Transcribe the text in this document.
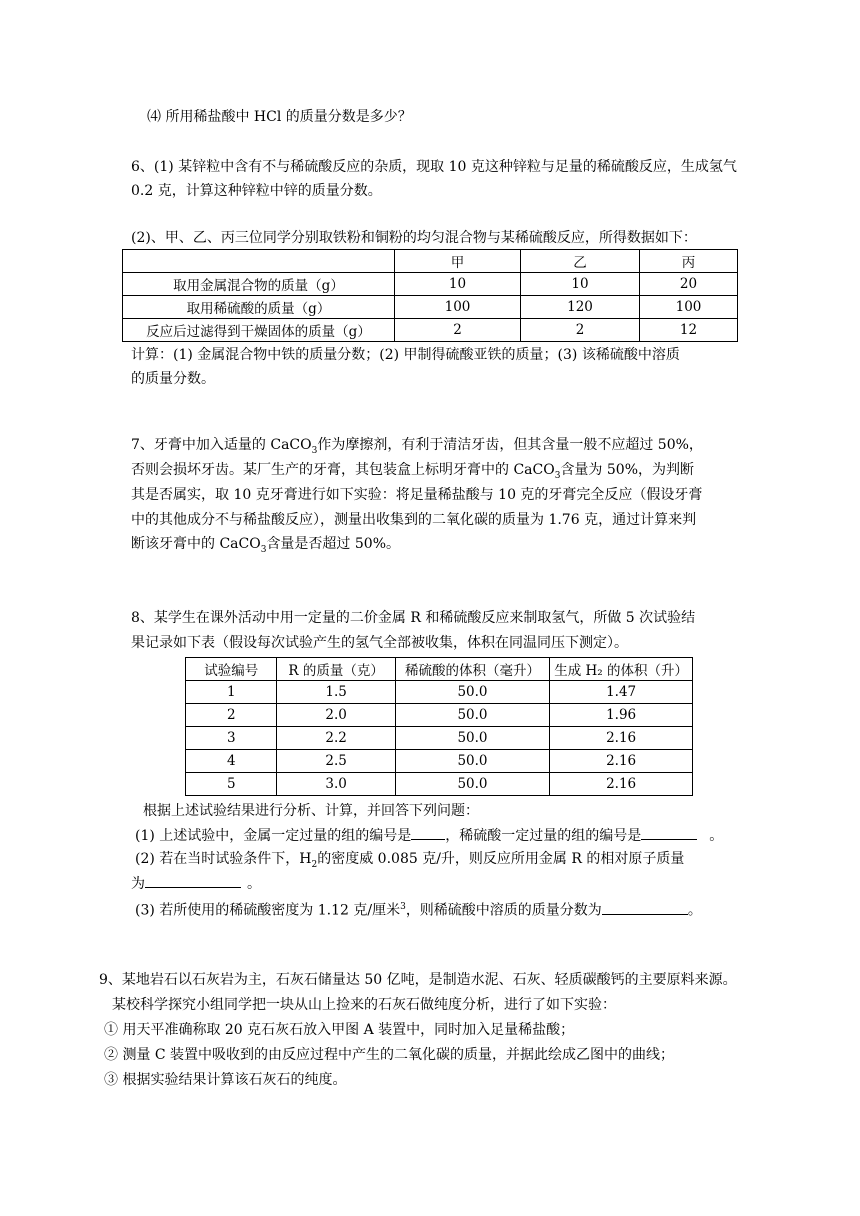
⑷ 所用稀盐酸中 HCl 的质量分数是多少？
6、(1) 某锌粒中含有不与稀硫酸反应的杂质，现取 10 克这种锌粒与足量的稀硫酸反应，生成氢气
0.2 克，计算这种锌粒中锌的质量分数。
(2)、甲、乙、丙三位同学分别取铁粉和铜粉的均匀混合物与某稀硫酸反应，所得数据如下：
	甲	乙	丙
取用金属混合物的质量（g）	10	10	20
取用稀硫酸的质量（g）	100	120	100
反应后过滤得到干燥固体的质量（g）	2	2	12
计算：(1) 金属混合物中铁的质量分数；(2) 甲制得硫酸亚铁的质量；(3) 该稀硫酸中溶质
的质量分数。
7、牙膏中加入适量的 CaCO$_3$作为摩擦剂，有利于清洁牙齿，但其含量一般不应超过 50%，
否则会损坏牙齿。某厂生产的牙膏，其包装盒上标明牙膏中的 CaCO$_3$含量为 50%，为判断
其是否属实，取 10 克牙膏进行如下实验：将足量稀盐酸与 10 克的牙膏完全反应（假设牙膏
中的其他成分不与稀盐酸反应），测量出收集到的二氧化碳的质量为 1.76 克，通过计算来判
断该牙膏中的 CaCO$_3$含量是否超过 50%。
8、某学生在课外活动中用一定量的二价金属 R 和稀硫酸反应来制取氢气，所做 5 次试验结
果记录如下表（假设每次试验产生的氢气全部被收集，体积在同温同压下测定）。
试验编号	R 的质量（克）	稀硫酸的体积（毫升）	生成 H₂ 的体积（升）
1	1.5	50.0	1.47
2	2.0	50.0	1.96
3	2.2	50.0	2.16
4	2.5	50.0	2.16
5	3.0	50.0	2.16
根据上述试验结果进行分析、计算，并回答下列问题：
(1) 上述试验中，金属一定过量的组的编号是 ，稀硫酸一定过量的组的编号是	。
(2) 若在当时试验条件下，$H_2$的密度威 0.085 克/升，则反应所用金属 R 的相对原子质量
为	。
(3) 若所使用的稀硫酸密度为 1.12 克/厘米$^3$，则稀硫酸中溶质的质量分数为	。
9、某地岩石以石灰岩为主，石灰石储量达 50 亿吨，是制造水泥、石灰、轻质碳酸钙的主要原料来源。
某校科学探究小组同学把一块从山上捡来的石灰石做纯度分析，进行了如下实验：
① 用天平准确称取 20 克石灰石放入甲图 A 装置中，同时加入足量稀盐酸；
② 测量 C 装置中吸收到的由反应过程中产生的二氧化碳的质量，并据此绘成乙图中的曲线；
③ 根据实验结果计算该石灰石的纯度。
